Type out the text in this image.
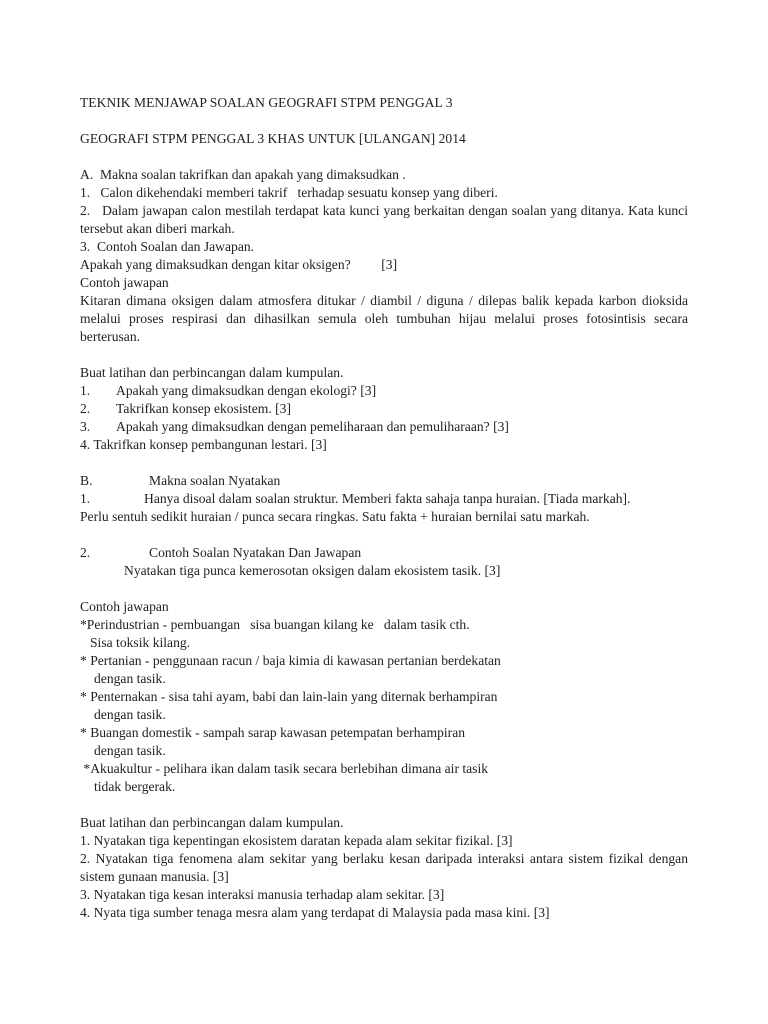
TEKNIK MENJAWAP SOALAN GEOGRAFI STPM PENGGAL 3

GEOGRAFI STPM PENGGAL 3 KHAS UNTUK [ULANGAN] 2014

A.  Makna soalan takrifkan dan apakah yang dimaksudkan .

1.   Calon dikehendaki memberi takrif   terhadap sesuatu konsep yang diberi.

2.   Dalam jawapan calon mestilah terdapat kata kunci yang berkaitan dengan soalan yang ditanya. Kata kunci tersebut akan diberi markah.

3.  Contoh Soalan dan Jawapan.

Apakah yang dimaksudkan dengan kitar oksigen?         [3]

Contoh jawapan

Kitaran dimana oksigen dalam atmosfera ditukar / diambil / diguna / dilepas balik kepada karbon dioksida melalui proses respirasi dan dihasilkan semula oleh tumbuhan hijau melalui proses fotosintisis secara berterusan.

Buat latihan dan perbincangan dalam kumpulan.

1. Apakah yang dimaksudkan dengan ekologi? [3]

2. Takrifkan konsep ekosistem. [3]

3. Apakah yang dimaksudkan dengan pemeliharaan dan pemuliharaan? [3]

4. Takrifkan konsep pembangunan lestari. [3]

B.	Makna soalan Nyatakan

1.	Hanya disoal dalam soalan struktur. Memberi fakta sahaja tanpa huraian. [Tiada markah].

Perlu sentuh sedikit huraian / punca secara ringkas. Satu fakta + huraian bernilai satu markah.

2.	Contoh Soalan Nyatakan Dan Jawapan

Nyatakan tiga punca kemerosotan oksigen dalam ekosistem tasik. [3]

Contoh jawapan

*Perindustrian - pembuangan   sisa buangan kilang ke   dalam tasik cth.

Sisa toksik kilang.

* Pertanian - penggunaan racun / baja kimia di kawasan pertanian berdekatan

dengan tasik.

* Penternakan - sisa tahi ayam, babi dan lain-lain yang diternak berhampiran

dengan tasik.

* Buangan domestik - sampah sarap kawasan petempatan berhampiran

dengan tasik.

*Akuakultur - pelihara ikan dalam tasik secara berlebihan dimana air tasik

tidak bergerak.

Buat latihan dan perbincangan dalam kumpulan.

1. Nyatakan tiga kepentingan ekosistem daratan kepada alam sekitar fizikal. [3]

2. Nyatakan tiga fenomena alam sekitar yang berlaku kesan daripada interaksi antara sistem fizikal dengan sistem gunaan manusia. [3]

3. Nyatakan tiga kesan interaksi manusia terhadap alam sekitar. [3]

4. Nyata tiga sumber tenaga mesra alam yang terdapat di Malaysia pada masa kini. [3]
